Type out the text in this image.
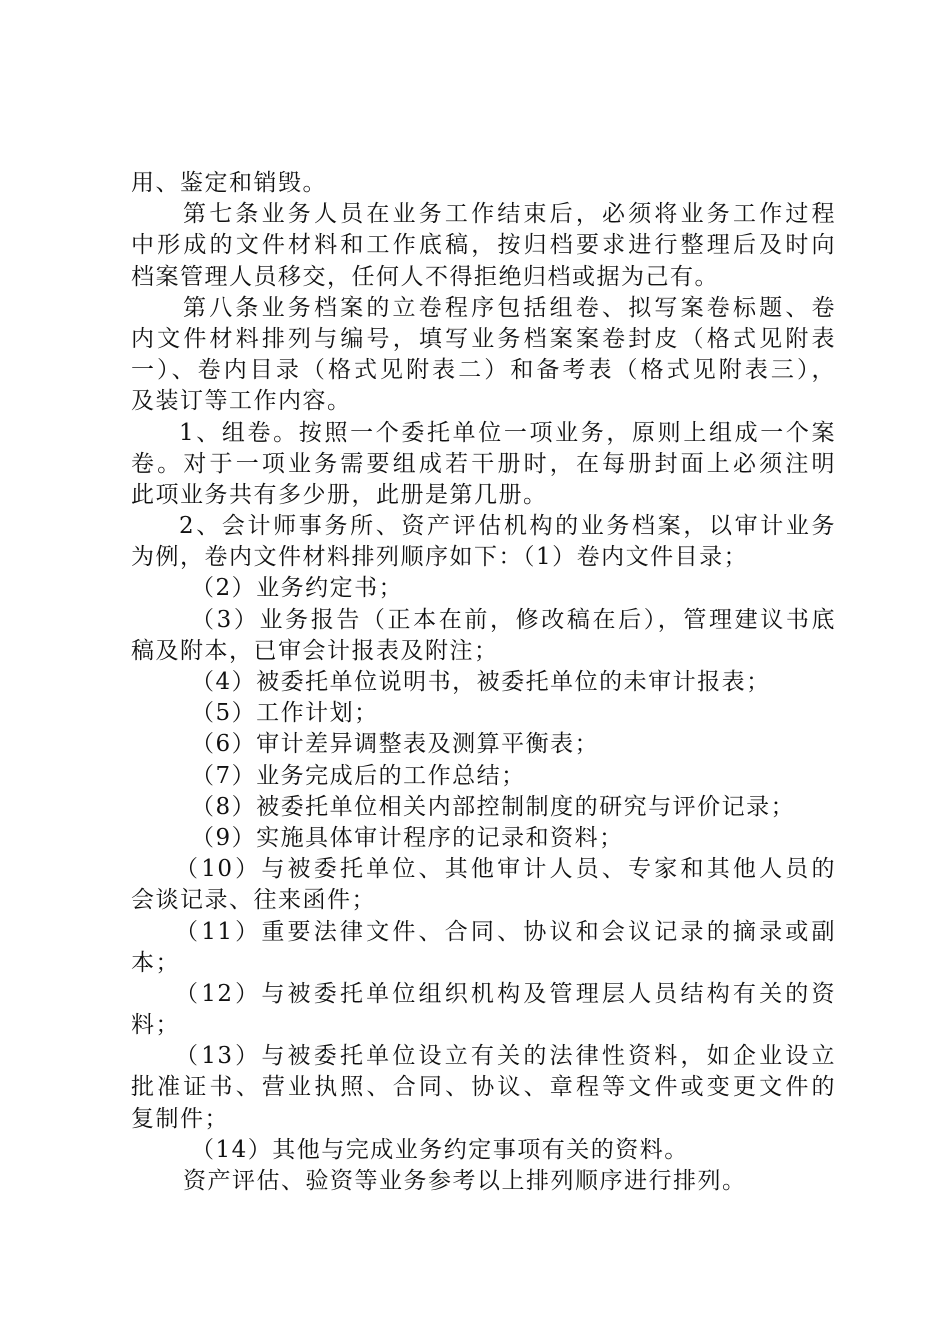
用、鉴定和销毁。
第七条业务人员在业务工作结束后，必须将业务工作过程
中形成的文件材料和工作底稿，按归档要求进行整理后及时向
档案管理人员移交，任何人不得拒绝归档或据为己有。
第八条业务档案的立卷程序包括组卷、拟写案卷标题、卷
内文件材料排列与编号，填写业务档案案卷封皮（格式见附表
一）、卷内目录（格式见附表二）和备考表（格式见附表三），
及装订等工作内容。
1、组卷。按照一个委托单位一项业务，原则上组成一个案
卷。对于一项业务需要组成若干册时，在每册封面上必须注明
此项业务共有多少册，此册是第几册。
2、会计师事务所、资产评估机构的业务档案，以审计业务
为例，卷内文件材料排列顺序如下：（1）卷内文件目录；
（2）业务约定书；
（3）业务报告（正本在前，修改稿在后），管理建议书底
稿及附本，已审会计报表及附注；
（4）被委托单位说明书，被委托单位的未审计报表；
（5）工作计划；
（6）审计差异调整表及测算平衡表；
（7）业务完成后的工作总结；
（8）被委托单位相关内部控制制度的研究与评价记录；
（9）实施具体审计程序的记录和资料；
（10）与被委托单位、其他审计人员、专家和其他人员的
会谈记录、往来函件；
（11）重要法律文件、合同、协议和会议记录的摘录或副
本；
（12）与被委托单位组织机构及管理层人员结构有关的资
料；
（13）与被委托单位设立有关的法律性资料，如企业设立
批准证书、营业执照、合同、协议、章程等文件或变更文件的
复制件；
（14）其他与完成业务约定事项有关的资料。
资产评估、验资等业务参考以上排列顺序进行排列。
